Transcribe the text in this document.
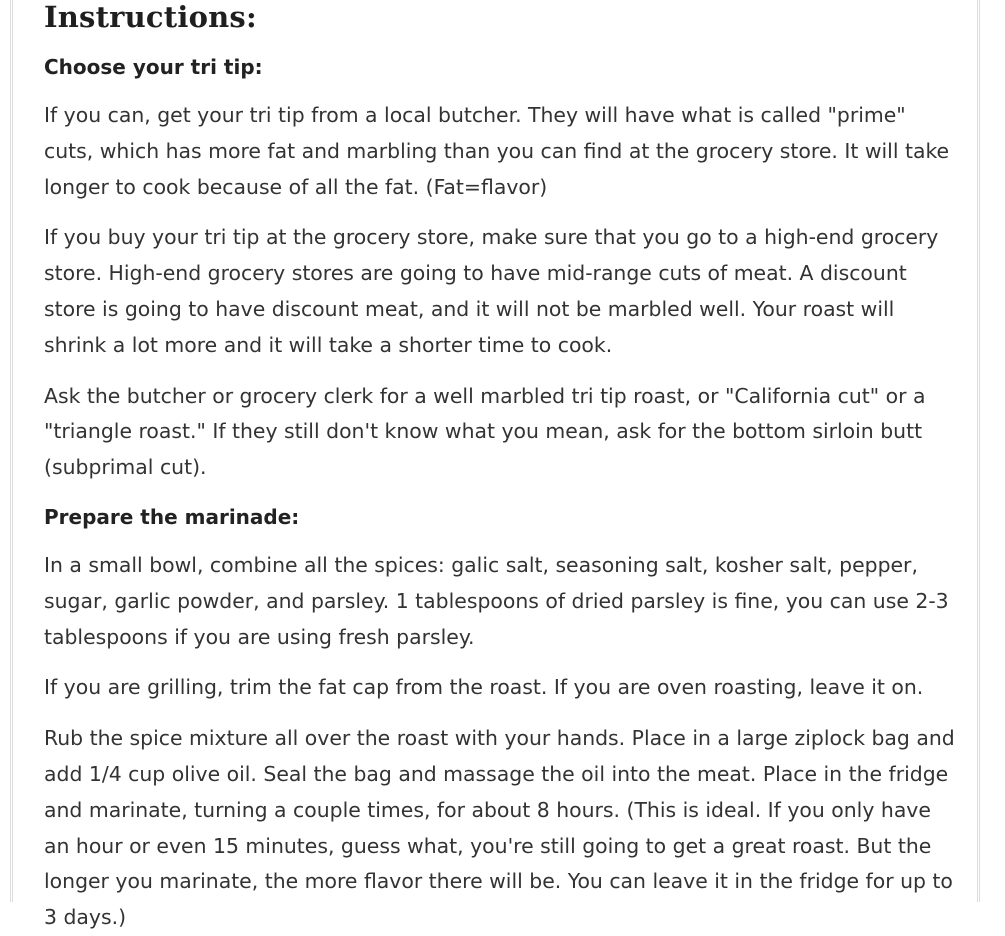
Instructions:
Choose your tri tip:

If you can, get your tri tip from a local butcher. They will have what is called "prime" cuts, which has more fat and marbling than you can find at the grocery store. It will take longer to cook because of all the fat. (Fat=flavor)

If you buy your tri tip at the grocery store, make sure that you go to a high-end grocery store. High-end grocery stores are going to have mid-range cuts of meat. A discount store is going to have discount meat, and it will not be marbled well. Your roast will shrink a lot more and it will take a shorter time to cook.

Ask the butcher or grocery clerk for a well marbled tri tip roast, or "California cut" or a "triangle roast." If they still don't know what you mean, ask for the bottom sirloin butt (subprimal cut).

Prepare the marinade:

In a small bowl, combine all the spices: galic salt, seasoning salt, kosher salt, pepper, sugar, garlic powder, and parsley. 1 tablespoons of dried parsley is fine, you can use 2-3 tablespoons if you are using fresh parsley.

If you are grilling, trim the fat cap from the roast. If you are oven roasting, leave it on.

Rub the spice mixture all over the roast with your hands. Place in a large ziplock bag and add 1/4 cup olive oil. Seal the bag and massage the oil into the meat. Place in the fridge and marinate, turning a couple times, for about 8 hours. (This is ideal. If you only have an hour or even 15 minutes, guess what, you're still going to get a great roast. But the longer you marinate, the more flavor there will be. You can leave it in the fridge for up to 3 days.)
